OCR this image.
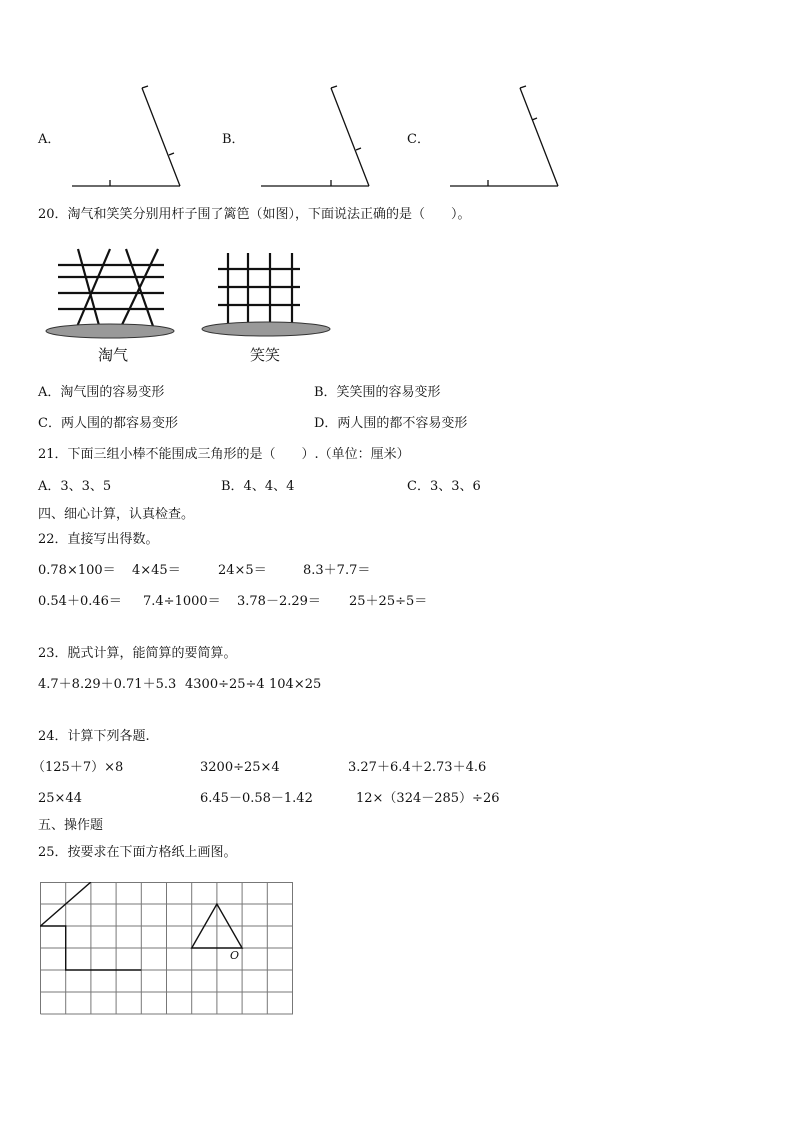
A．	B．	C．
20．淘气和笑笑分别用杆子围了篱笆（如图），下面说法正确的是（　　）。
淘气	笑笑
A．淘气围的容易变形	B．笑笑围的容易变形
C．两人围的都容易变形	D．两人围的都不容易变形
21．下面三组小棒不能围成三角形的是（　　）.（单位：厘米）
A．3、3、5	B．4、4、4	C．3、3、6
四、细心计算，认真检查。
22．直接写出得数。
0.78×100＝ 4×45＝	24×5＝	8.3＋7.7＝
0.54＋0.46＝ 7.4÷1000＝ 3.78－2.29＝ 25＋25÷5＝
23．脱式计算，能简算的要简算。
4.7＋8.29＋0.71＋5.3 4300÷25÷4 104×25
24．计算下列各题.
（125＋7）×8	3200÷25×4	3.27＋6.4＋2.73＋4.6
25×44	6.45－0.58－1.42	12×（324－285）÷26
五、操作题
25．按要求在下面方格纸上画图。
O
